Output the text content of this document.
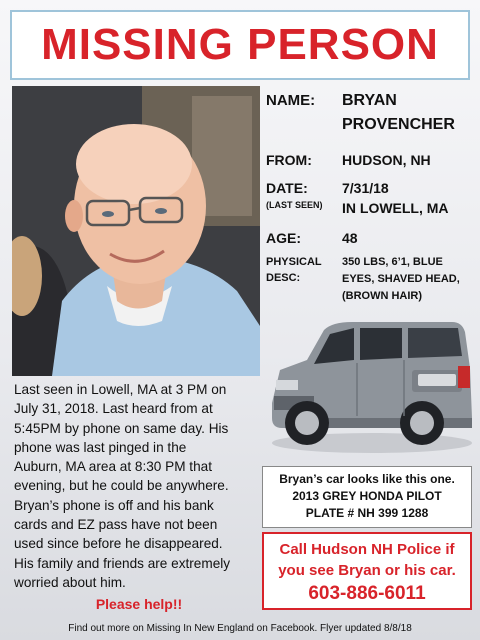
MISSING PERSON
NAME: BRYAN
PROVENCHER
FROM: HUDSON, NH
DATE:
(LAST SEEN)
7/31/18
IN LOWELL, MA
AGE:	48
PHYSICAL
DESC:
350 LBS, 6’1, BLUE
EYES, SHAVED HEAD,
(BROWN HAIR)
Last seen in Lowell, MA at 3 PM on
July 31, 2018. Last heard from at
5:45PM by phone on same day. His
phone was last pinged in the
Auburn, MA area at 8:30 PM that
evening, but he could be anywhere.
Bryan’s phone is off and his bank
cards and EZ pass have not been
used since before he disappeared.
His family and friends are extremely
worried about him.
Please help!!
Bryan’s car looks like this one.
2013 GREY HONDA PILOT
PLATE # NH 399 1288
Call Hudson NH Police if
you see Bryan or his car.
603-886-6011
Find out more on Missing In New England on Facebook. Flyer updated 8/8/18
